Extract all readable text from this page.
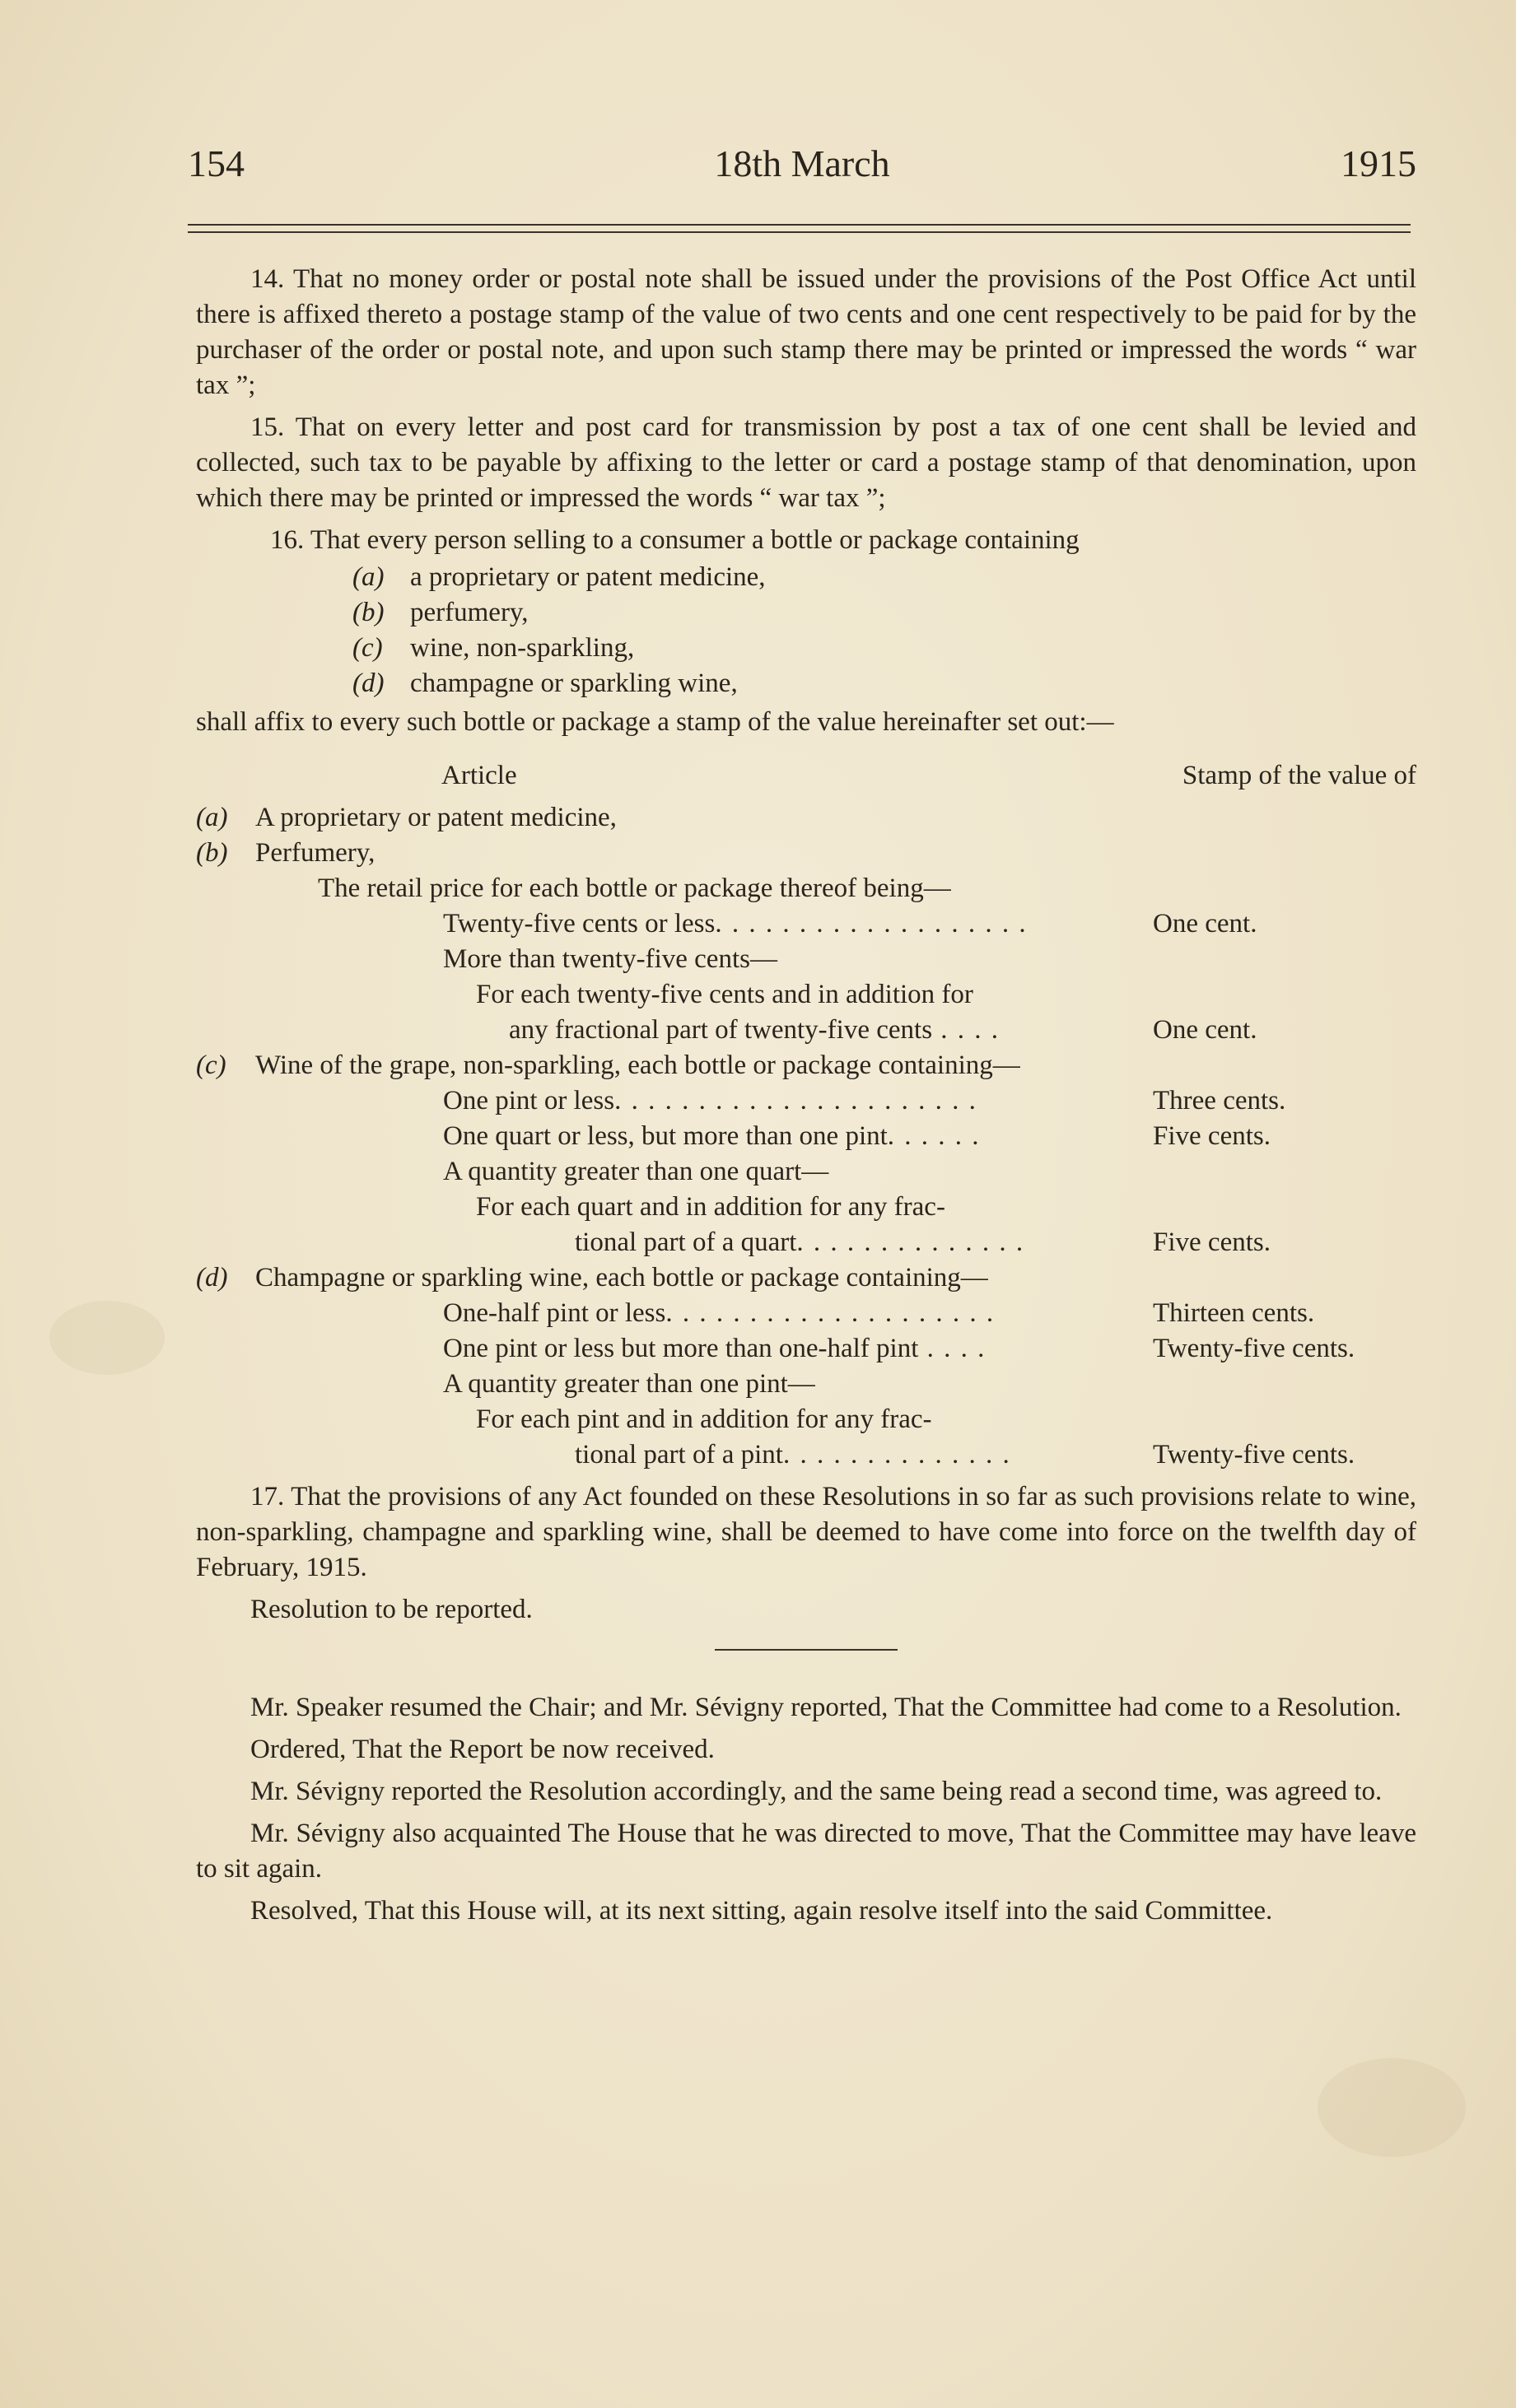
154	18th March	1915

14. That no money order or postal note shall be issued under the provisions of the Post Office Act until there is affixed thereto a postage stamp of the value of two cents and one cent respectively to be paid for by the purchaser of the order or postal note, and upon such stamp there may be printed or impressed the words “ war tax ”;

15. That on every letter and post card for transmission by post a tax of one cent shall be levied and collected, such tax to be payable by affixing to the letter or card a postage stamp of that denomination, upon which there may be printed or impressed the words “ war tax ”;

16. That every person selling to a consumer a bottle or package containing

(a) a proprietary or patent medicine,
(b) perfumery,
(c) wine, non-sparkling,
(d) champagne or sparkling wine,

shall affix to every such bottle or package a stamp of the value hereinafter set out:—

Article	Stamp of the value of
(a) A proprietary or patent medicine,
(b) Perfumery,
The retail price for each bottle or package thereof being—
Twenty-five cents or less. . . . . . . . . . . . . . . . . . .	One cent.
More than twenty-five cents—
For each twenty-five cents and in addition for
any fractional part of twenty-five cents . . . .	One cent.
(c) Wine of the grape, non-sparkling, each bottle or package containing—
One pint or less. . . . . . . . . . . . . . . . . . . . . .	Three cents.
One quart or less, but more than one pint. . . . . .	Five cents.
A quantity greater than one quart—
For each quart and in addition for any frac-
tional part of a quart. . . . . . . . . . . . . .	Five cents.
(d) Champagne or sparkling wine, each bottle or package containing—
One-half pint or less. . . . . . . . . . . . . . . . . . . .	Thirteen cents.
One pint or less but more than one-half pint . . . .	Twenty-five cents.
A quantity greater than one pint—
For each pint and in addition for any frac-
tional part of a pint. . . . . . . . . . . . . .	Twenty-five cents.

17. That the provisions of any Act founded on these Resolutions in so far as such provisions relate to wine, non-sparkling, champagne and sparkling wine, shall be deemed to have come into force on the twelfth day of February, 1915.

Resolution to be reported.

Mr. Speaker resumed the Chair; and Mr. Sévigny reported, That the Committee had come to a Resolution.

Ordered, That the Report be now received.

Mr. Sévigny reported the Resolution accordingly, and the same being read a second time, was agreed to.

Mr. Sévigny also acquainted The House that he was directed to move, That the Committee may have leave to sit again.

Resolved, That this House will, at its next sitting, again resolve itself into the said Committee.
